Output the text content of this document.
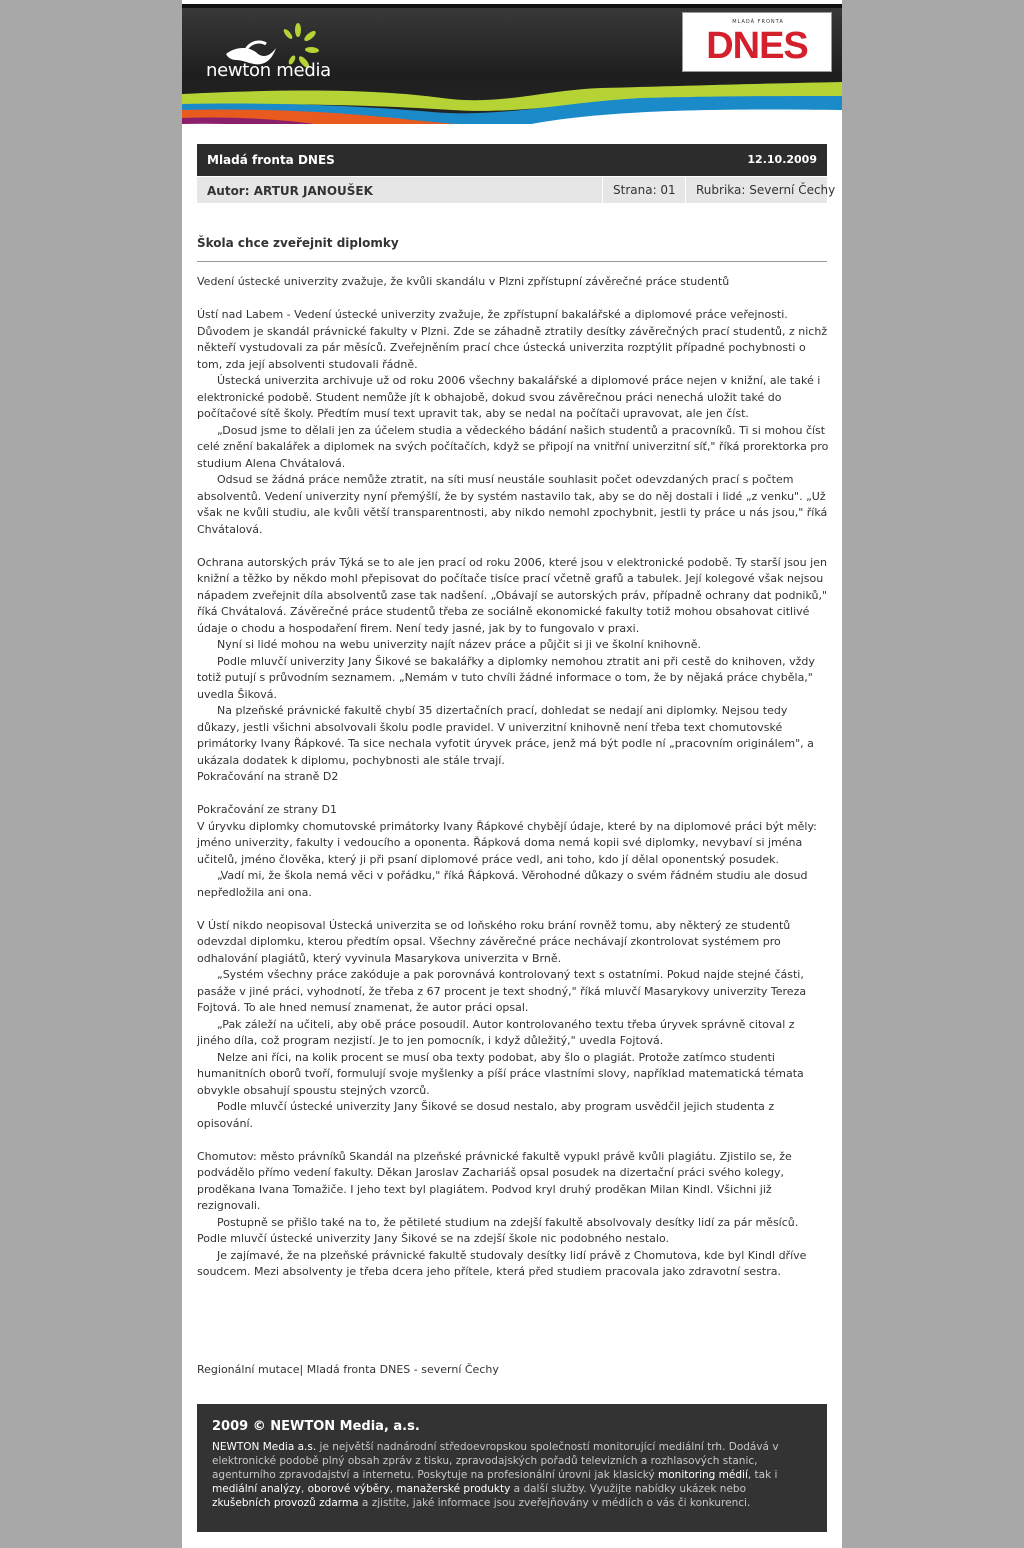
newton media
MLADÁ FRONTA
DNES
Mladá fronta DNES	12.10.2009
Autor: ARTUR JANOUŠEK	Strana: 01	Rubrika: Severní Čechy
Škola chce zveřejnit diplomky

Vedení ústecké univerzity zvažuje, že kvůli skandálu v Plzni zpřístupní závěrečné práce studentů

Ústí nad Labem - Vedení ústecké univerzity zvažuje, že zpřístupní bakalářské a diplomové práce veřejnosti. Důvodem je skandál právnické fakulty v Plzni. Zde se záhadně ztratily desítky závěrečných prací studentů, z nichž někteří vystudovali za pár měsíců. Zveřejněním prací chce ústecká univerzita rozptýlit případné pochybnosti o tom, zda její absolventi studovali řádně.

Ústecká univerzita archivuje už od roku 2006 všechny bakalářské a diplomové práce nejen v knižní, ale také i elektronické podobě. Student nemůže jít k obhajobě, dokud svou závěrečnou práci nenechá uložit také do počítačové sítě školy. Předtím musí text upravit tak, aby se nedal na počítači upravovat, ale jen číst.

„Dosud jsme to dělali jen za účelem studia a vědeckého bádání našich studentů a pracovníků. Ti si mohou číst celé znění bakalářek a diplomek na svých počítačích, když se připojí na vnitřní univerzitní síť," říká prorektorka pro studium Alena Chvátalová.

Odsud se žádná práce nemůže ztratit, na síti musí neustále souhlasit počet odevzdaných prací s počtem absolventů. Vedení univerzity nyní přemýšlí, že by systém nastavilo tak, aby se do něj dostali i lidé „z venku". „Už však ne kvůli studiu, ale kvůli větší transparentnosti, aby nikdo nemohl zpochybnit, jestli ty práce u nás jsou," říká Chvátalová.

Ochrana autorských práv Týká se to ale jen prací od roku 2006, které jsou v elektronické podobě. Ty starší jsou jen knižní a těžko by někdo mohl přepisovat do počítače tisíce prací včetně grafů a tabulek. Její kolegové však nejsou nápadem zveřejnit díla absolventů zase tak nadšení. „Obávají se autorských práv, případně ochrany dat podniků," říká Chvátalová. Závěrečné práce studentů třeba ze sociálně ekonomické fakulty totiž mohou obsahovat citlivé údaje o chodu a hospodaření firem. Není tedy jasné, jak by to fungovalo v praxi.

Nyní si lidé mohou na webu univerzity najít název práce a půjčit si ji ve školní knihovně.

Podle mluvčí univerzity Jany Šikové se bakalářky a diplomky nemohou ztratit ani při cestě do knihoven, vždy totiž putují s průvodním seznamem. „Nemám v tuto chvíli žádné informace o tom, že by nějaká práce chyběla," uvedla Šiková.

Na plzeňské právnické fakultě chybí 35 dizertačních prací, dohledat se nedají ani diplomky. Nejsou tedy důkazy, jestli všichni absolvovali školu podle pravidel. V univerzitní knihovně není třeba text chomutovské primátorky Ivany Řápkové. Ta sice nechala vyfotit úryvek práce, jenž má být podle ní „pracovním originálem", a ukázala dodatek k diplomu, pochybnosti ale stále trvají.

Pokračování na straně D2

Pokračování ze strany D1

V úryvku diplomky chomutovské primátorky Ivany Řápkové chybějí údaje, které by na diplomové práci být měly: jméno univerzity, fakulty i vedoucího a oponenta. Řápková doma nemá kopii své diplomky, nevybaví si jména učitelů, jméno člověka, který ji při psaní diplomové práce vedl, ani toho, kdo jí dělal oponentský posudek.

„Vadí mi, že škola nemá věci v pořádku," říká Řápková. Věrohodné důkazy o svém řádném studiu ale dosud nepředložila ani ona.

V Ústí nikdo neopisoval Ústecká univerzita se od loňského roku brání rovněž tomu, aby některý ze studentů odevzdal diplomku, kterou předtím opsal. Všechny závěrečné práce nechávají zkontrolovat systémem pro odhalování plagiátů, který vyvinula Masarykova univerzita v Brně.

„Systém všechny práce zakóduje a pak porovnává kontrolovaný text s ostatními. Pokud najde stejné části, pasáže v jiné práci, vyhodnotí, že třeba z 67 procent je text shodný," říká mluvčí Masarykovy univerzity Tereza Fojtová. To ale hned nemusí znamenat, že autor práci opsal.

„Pak záleží na učiteli, aby obě práce posoudil. Autor kontrolovaného textu třeba úryvek správně citoval z jiného díla, což program nezjistí. Je to jen pomocník, i když důležitý," uvedla Fojtová.

Nelze ani říci, na kolik procent se musí oba texty podobat, aby šlo o plagiát. Protože zatímco studenti humanitních oborů tvoří, formulují svoje myšlenky a píší práce vlastními slovy, například matematická témata obvykle obsahují spoustu stejných vzorců.

Podle mluvčí ústecké univerzity Jany Šikové se dosud nestalo, aby program usvědčil jejich studenta z opisování.

Chomutov: město právníků Skandál na plzeňské právnické fakultě vypukl právě kvůli plagiátu. Zjistilo se, že podvádělo přímo vedení fakulty. Děkan Jaroslav Zachariáš opsal posudek na dizertační práci svého kolegy, proděkana Ivana Tomažiče. I jeho text byl plagiátem. Podvod kryl druhý proděkan Milan Kindl. Všichni již rezignovali.

Postupně se přišlo také na to, že pětileté studium na zdejší fakultě absolvovaly desítky lidí za pár měsíců. Podle mluvčí ústecké univerzity Jany Šikové se na zdejší škole nic podobného nestalo.

Je zajímavé, že na plzeňské právnické fakultě studovaly desítky lidí právě z Chomutova, kde byl Kindl dříve soudcem. Mezi absolventy je třeba dcera jeho přítele, která před studiem pracovala jako zdravotní sestra.

Regionální mutace| Mladá fronta DNES - severní Čechy
2009 © NEWTON Media, a.s.
NEWTON Media a.s. je největší nadnárodní středoevropskou společností monitorující mediální trh. Dodává v elektronické podobě plný obsah zpráv z tisku, zpravodajských pořadů televizních a rozhlasových stanic, agenturního zpravodajství a internetu. Poskytuje na profesionální úrovni jak klasický monitoring médií, tak i mediální analýzy, oborové výběry, manažerské produkty a další služby. Využijte nabídky ukázek nebo zkušebních provozů zdarma a zjistíte, jaké informace jsou zveřejňovány v médiích o vás či konkurenci.
